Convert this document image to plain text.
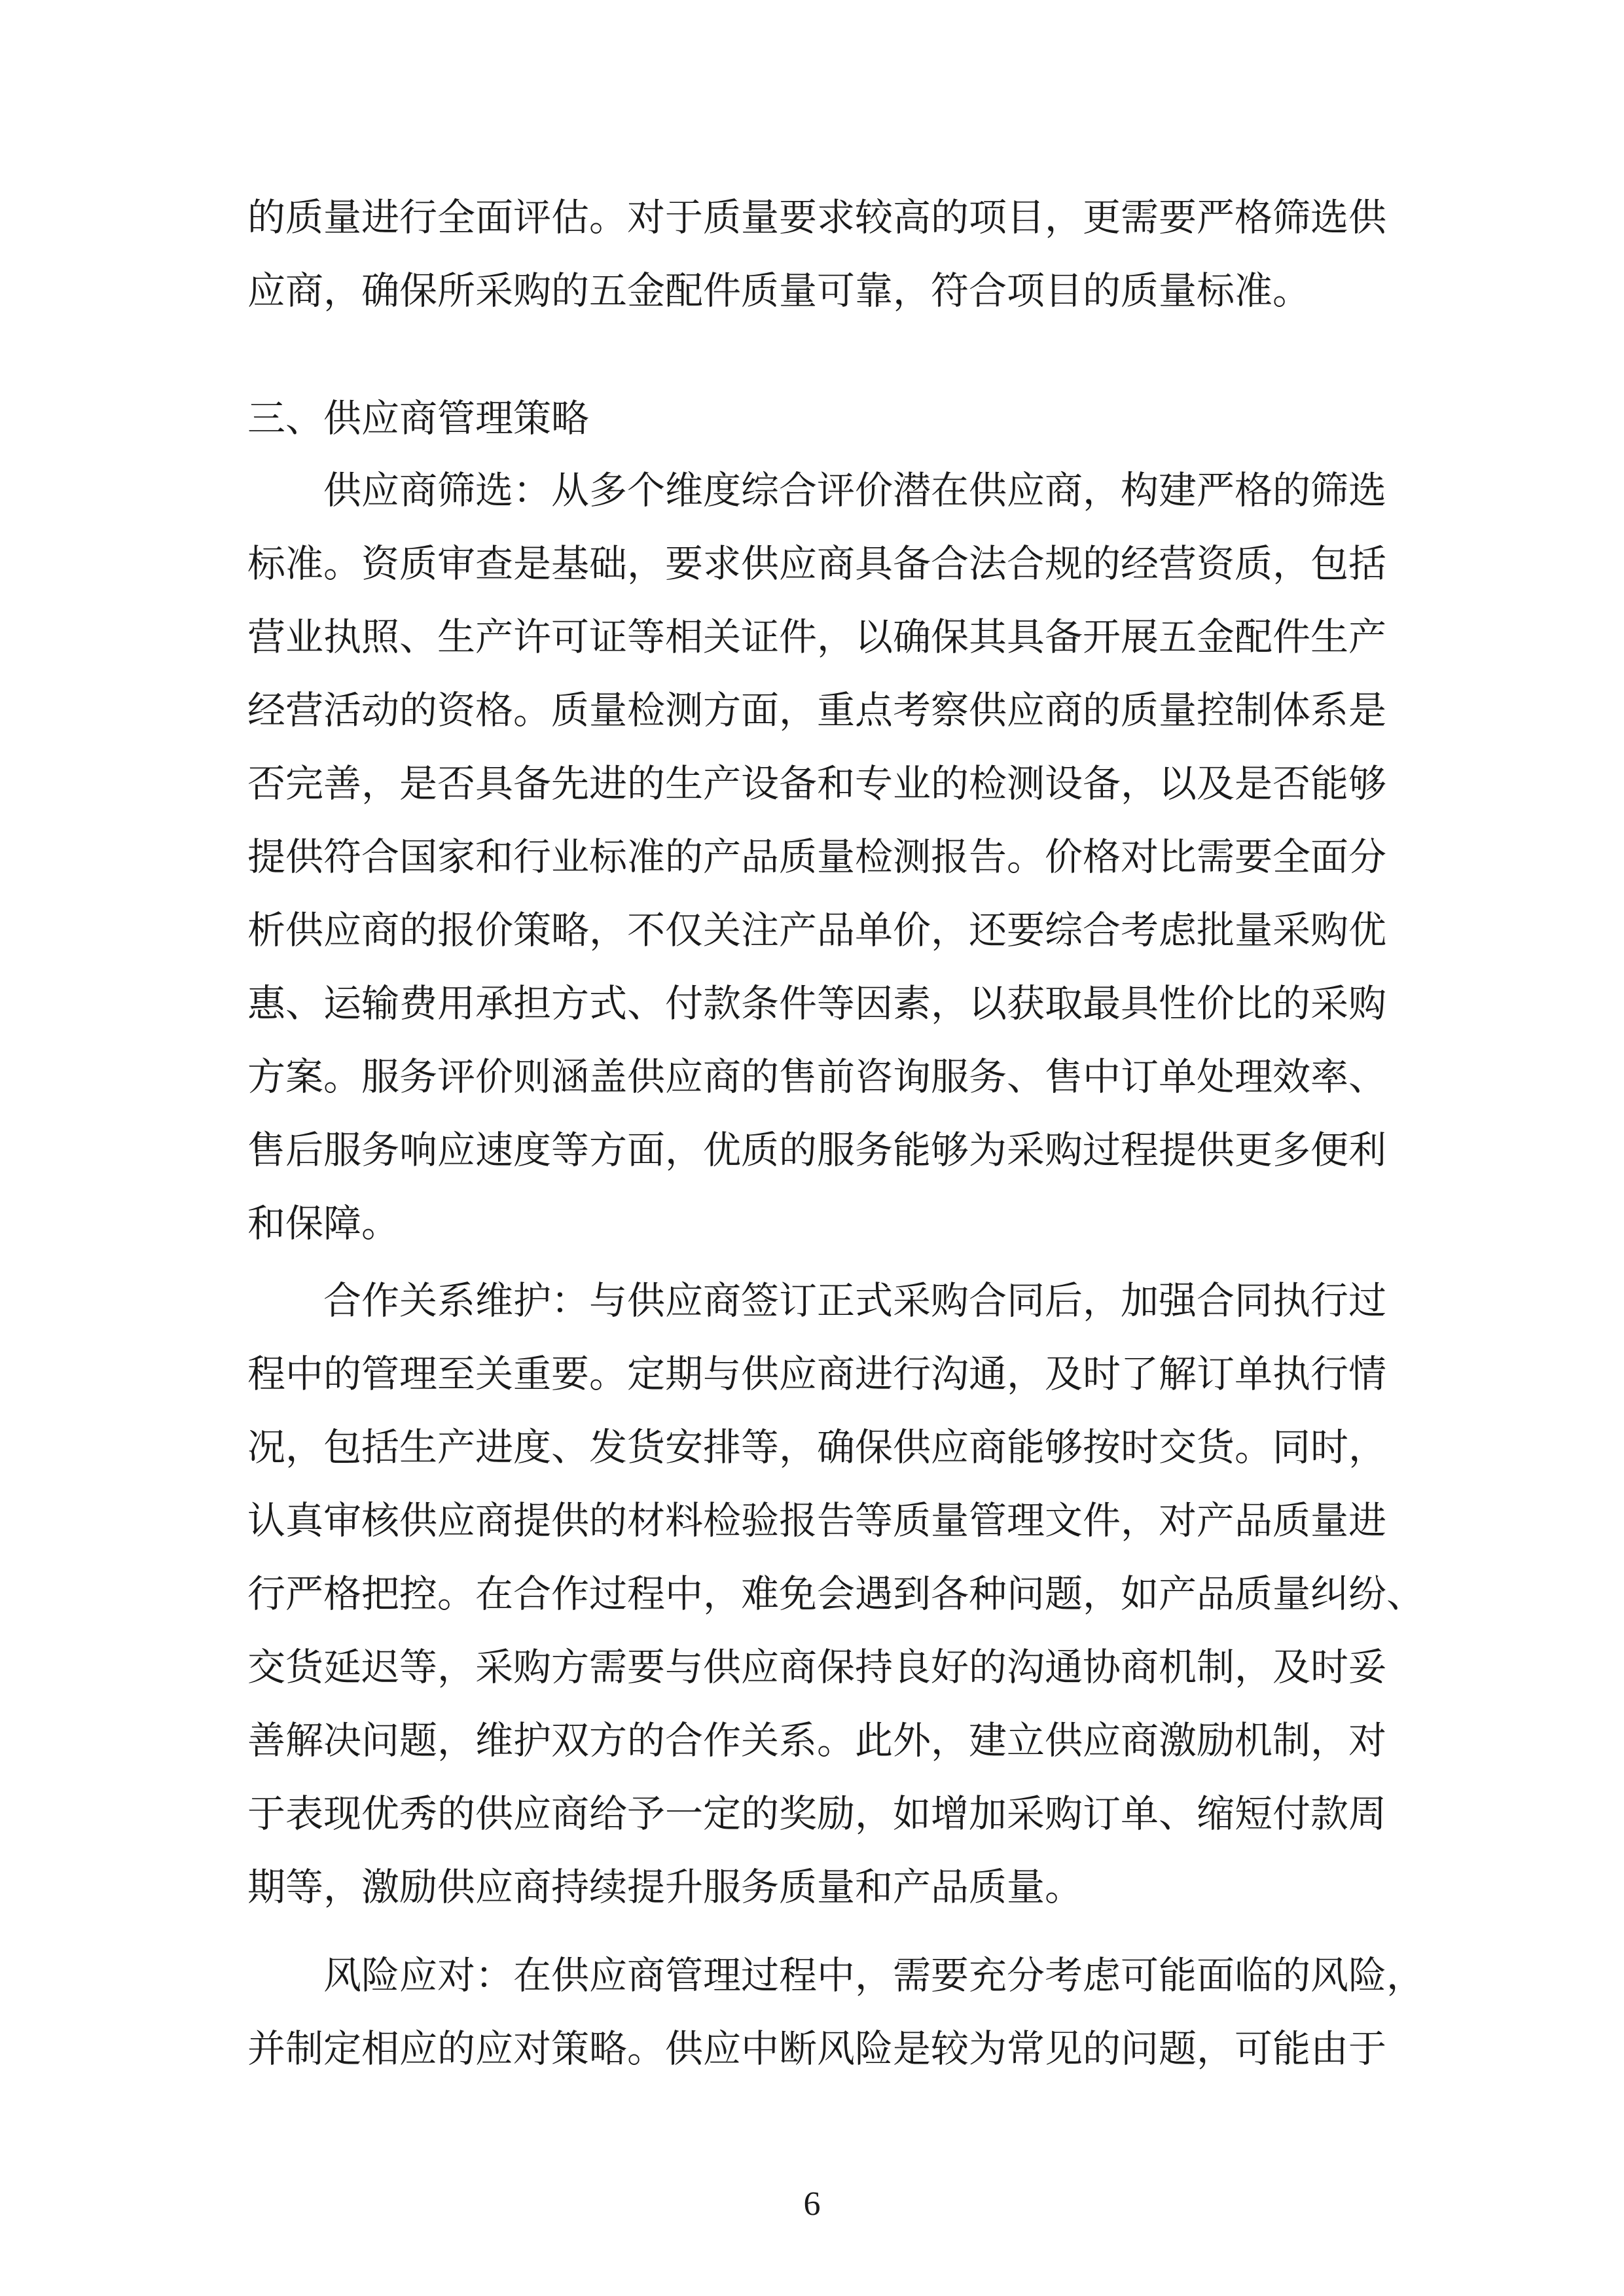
的质量进行全面评估。对于质量要求较高的项目，更需要严格筛选供
应商，确保所采购的五金配件质量可靠，符合项目的质量标准。
三、供应商管理策略
供应商筛选：从多个维度综合评价潜在供应商，构建严格的筛选
标准。资质审查是基础，要求供应商具备合法合规的经营资质，包括
营业执照、生产许可证等相关证件，以确保其具备开展五金配件生产
经营活动的资格。质量检测方面，重点考察供应商的质量控制体系是
否完善，是否具备先进的生产设备和专业的检测设备，以及是否能够
提供符合国家和行业标准的产品质量检测报告。价格对比需要全面分
析供应商的报价策略，不仅关注产品单价，还要综合考虑批量采购优
惠、运输费用承担方式、付款条件等因素，以获取最具性价比的采购
方案。服务评价则涵盖供应商的售前咨询服务、售中订单处理效率、
售后服务响应速度等方面，优质的服务能够为采购过程提供更多便利
和保障。
合作关系维护：与供应商签订正式采购合同后，加强合同执行过
程中的管理至关重要。定期与供应商进行沟通，及时了解订单执行情
况，包括生产进度、发货安排等，确保供应商能够按时交货。同时，
认真审核供应商提供的材料检验报告等质量管理文件，对产品质量进
行严格把控。在合作过程中，难免会遇到各种问题，如产品质量纠纷、
交货延迟等，采购方需要与供应商保持良好的沟通协商机制，及时妥
善解决问题，维护双方的合作关系。此外，建立供应商激励机制，对
于表现优秀的供应商给予一定的奖励，如增加采购订单、缩短付款周
期等，激励供应商持续提升服务质量和产品质量。
风险应对：在供应商管理过程中，需要充分考虑可能面临的风险，
并制定相应的应对策略。供应中断风险是较为常见的问题，可能由于
6
